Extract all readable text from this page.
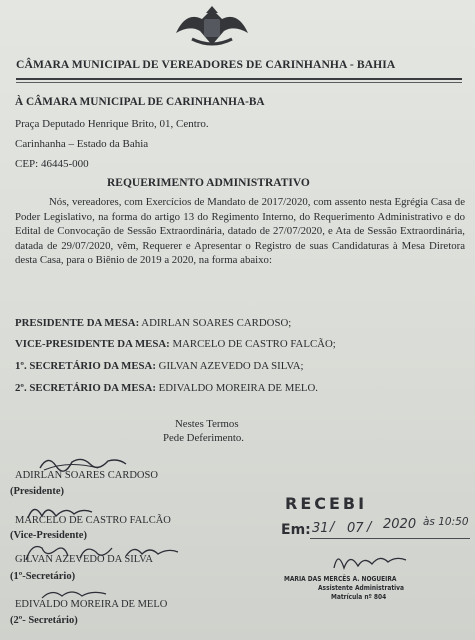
CÂMARA MUNICIPAL DE VEREADORES DE CARINHANHA - BAHIA
À CÂMARA MUNICIPAL DE CARINHANHA-BA
Praça Deputado Henrique Brito, 01, Centro.
Carinhanha – Estado da Bahia
CEP: 46445-000
REQUERIMENTO ADMINISTRATIVO

Nós, vereadores, com Exercícios de Mandato de 2017/2020, com assento nesta Egrégia Casa de Poder Legislativo, na forma do artigo 13 do Regimento Interno, do Requerimento Administrativo e do Edital de Convocação de Sessão Extraordinária, datado de 27/07/2020, e Ata de Sessão Extraordinária, datada de 29/07/2020, vêm, Requerer e Apresentar o Registro de suas Candidaturas à Mesa Diretora desta Casa, para o Biênio de 2019 a 2020, na forma abaixo:

PRESIDENTE DA MESA: ADIRLAN SOARES CARDOSO;
VICE-PRESIDENTE DA MESA: MARCELO DE CASTRO FALCÃO;
1º. SECRETÁRIO DA MESA: GILVAN AZEVEDO DA SILVA;
2º. SECRETÁRIO DA MESA: EDIVALDO MOREIRA DE MELO.
Nestes Termos
Pede Deferimento.
ADIRLAN SOARES CARDOSO
(Presidente)
MARCELO DE CASTRO FALCÃO
(Vice-Presidente)
GILVAN AZEVEDO DA SILVA
(1º-Secretário)
EDIVALDO MOREIRA DE MELO
(2º- Secretário)
RECEBI
Em: 31 / 07 / 2020 às 10:50
MARIA DAS MERCÊS A. NOGUEIRA
Assistente Administrativa
Matrícula nº 804
